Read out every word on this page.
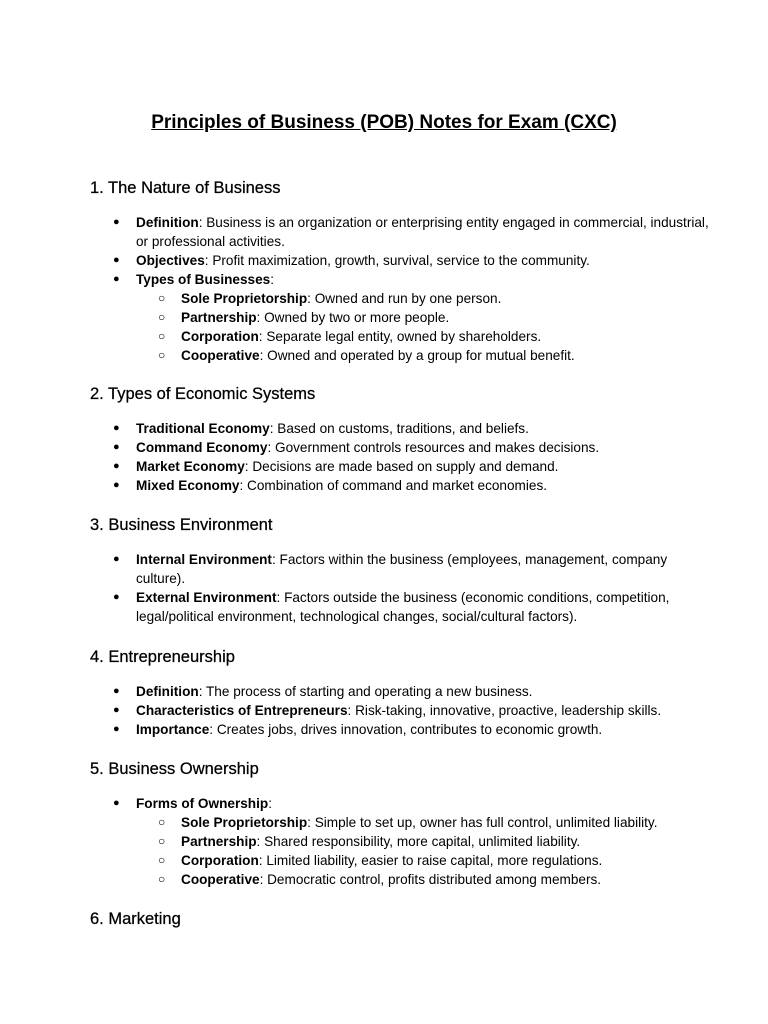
Principles of Business (POB) Notes for Exam (CXC)
1. The Nature of Business
●	Definition: Business is an organization or enterprising entity engaged in commercial, industrial, or professional activities.
●	Objectives: Profit maximization, growth, survival, service to the community.
●	Types of Businesses:
○	Sole Proprietorship: Owned and run by one person.
○	Partnership: Owned by two or more people.
○	Corporation: Separate legal entity, owned by shareholders.
○	Cooperative: Owned and operated by a group for mutual benefit.
2. Types of Economic Systems
●	Traditional Economy: Based on customs, traditions, and beliefs.
●	Command Economy: Government controls resources and makes decisions.
●	Market Economy: Decisions are made based on supply and demand.
●	Mixed Economy: Combination of command and market economies.
3. Business Environment
●	Internal Environment: Factors within the business (employees, management, company culture).
●	External Environment: Factors outside the business (economic conditions, competition, legal/political environment, technological changes, social/cultural factors).
4. Entrepreneurship
●	Definition: The process of starting and operating a new business.
●	Characteristics of Entrepreneurs: Risk-taking, innovative, proactive, leadership skills.
●	Importance: Creates jobs, drives innovation, contributes to economic growth.
5. Business Ownership
●	Forms of Ownership:
○	Sole Proprietorship: Simple to set up, owner has full control, unlimited liability.
○	Partnership: Shared responsibility, more capital, unlimited liability.
○	Corporation: Limited liability, easier to raise capital, more regulations.
○	Cooperative: Democratic control, profits distributed among members.
6. Marketing
